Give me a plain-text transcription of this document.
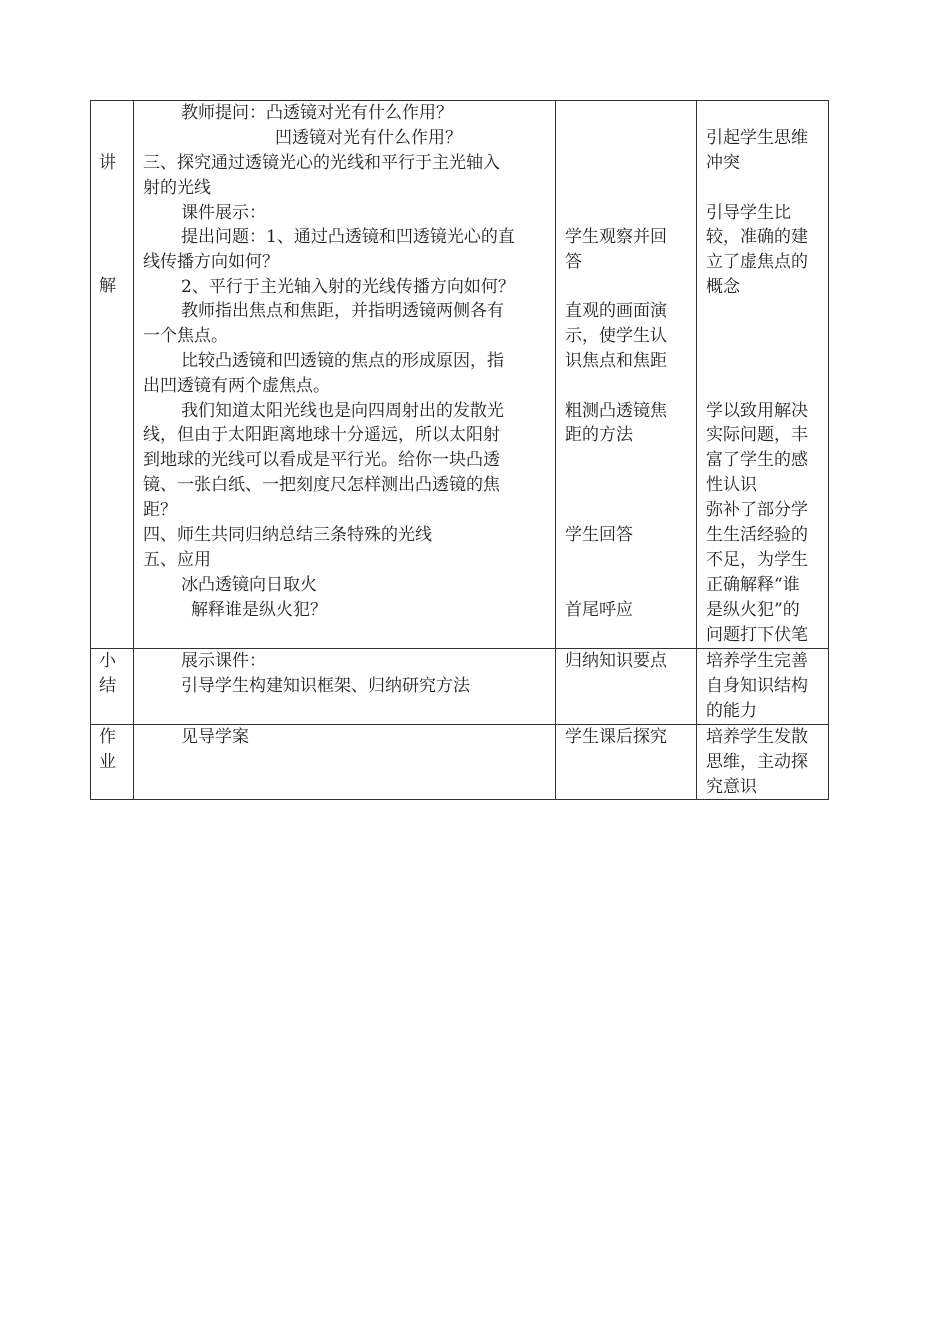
讲
解
教师提问：凸透镜对光有什么作用？
凹透镜对光有什么作用？
三、探究通过透镜光心的光线和平行于主光轴入
射的光线
课件展示：
提出问题：1、通过凸透镜和凹透镜光心的直
线传播方向如何？
2、平行于主光轴入射的光线传播方向如何？
教师指出焦点和焦距，并指明透镜两侧各有
一个焦点。
比较凸透镜和凹透镜的焦点的形成原因，指
出凹透镜有两个虚焦点。
我们知道太阳光线也是向四周射出的发散光
线，但由于太阳距离地球十分遥远，所以太阳射
到地球的光线可以看成是平行光。给你一块凸透
镜、一张白纸、一把刻度尺怎样测出凸透镜的焦
距？
四、师生共同归纳总结三条特殊的光线
五、应用
冰凸透镜向日取火
解释谁是纵火犯？
学生观察并回
答
直观的画面演
示，使学生认
识焦点和焦距
粗测凸透镜焦
距的方法
学生回答
首尾呼应
引起学生思维
冲突
引导学生比
较，准确的建
立了虚焦点的
概念
学以致用解决
实际问题，丰
富了学生的感
性认识
弥补了部分学
生生活经验的
不足，为学生
正确解释“谁
是纵火犯”的
问题打下伏笔
小
结
展示课件：
引导学生构建知识框架、归纳研究方法
归纳知识要点 培养学生完善
自身知识结构
的能力
作
业
见导学案	学生课后探究 培养学生发散
思维，主动探
究意识
